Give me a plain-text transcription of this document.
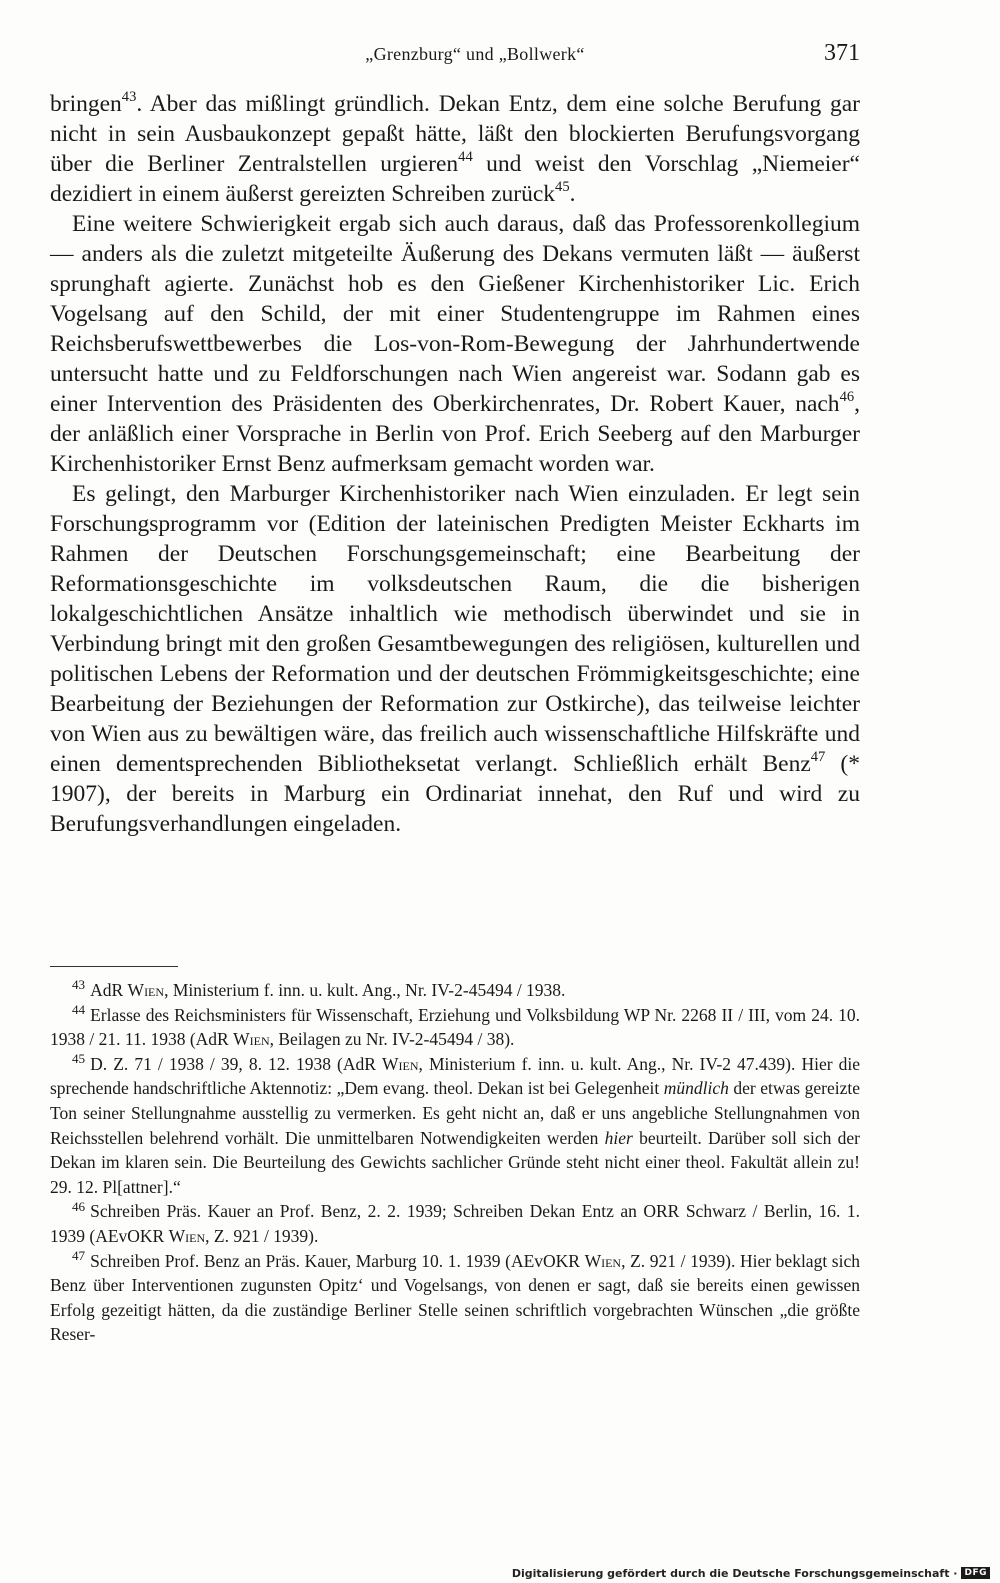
„Grenzburg“ und „Bollwerk“	371

bringen$^{43}$. Aber das mißlingt gründlich. Dekan Entz, dem eine solche Berufung gar nicht in sein Ausbaukonzept gepaßt hätte, läßt den blockierten Berufungsvorgang über die Berliner Zentralstellen urgieren$^{44}$ und weist den Vorschlag „Niemeier“ dezidiert in einem äußerst gereizten Schreiben zurück$^{45}$.

Eine weitere Schwierigkeit ergab sich auch daraus, daß das Professorenkollegium — anders als die zuletzt mitgeteilte Äußerung des Dekans vermuten läßt — äußerst sprunghaft agierte. Zunächst hob es den Gießener Kirchenhistoriker Lic. Erich Vogelsang auf den Schild, der mit einer Studentengruppe im Rahmen eines Reichsberufswettbewerbes die Los-von-Rom-Bewegung der Jahrhundertwende untersucht hatte und zu Feldforschungen nach Wien angereist war. Sodann gab es einer Intervention des Präsidenten des Oberkirchenrates, Dr. Robert Kauer, nach$^{46}$, der anläßlich einer Vorsprache in Berlin von Prof. Erich Seeberg auf den Marburger Kirchenhistoriker Ernst Benz aufmerksam gemacht worden war.

Es gelingt, den Marburger Kirchenhistoriker nach Wien einzuladen. Er legt sein Forschungsprogramm vor (Edition der lateinischen Predigten Meister Eckharts im Rahmen der Deutschen Forschungsgemeinschaft; eine Bearbeitung der Reformationsgeschichte im volksdeutschen Raum, die die bisherigen lokalgeschichtlichen Ansätze inhaltlich wie methodisch überwindet und sie in Verbindung bringt mit den großen Gesamtbewegungen des religiösen, kulturellen und politischen Lebens der Reformation und der deutschen Frömmigkeitsgeschichte; eine Bearbeitung der Beziehungen der Reformation zur Ostkirche), das teilweise leichter von Wien aus zu bewältigen wäre, das freilich auch wissenschaftliche Hilfskräfte und einen dementsprechenden Bibliotheksetat verlangt. Schließlich erhält Benz$^{47}$ (* 1907), der bereits in Marburg ein Ordinariat innehat, den Ruf und wird zu Berufungsverhandlungen eingeladen.

$^{43}$ AdR Wien, Ministerium f. inn. u. kult. Ang., Nr. IV-2-45494 / 1938.

$^{44}$ Erlasse des Reichsministers für Wissenschaft, Erziehung und Volksbildung WP Nr. 2268 II / III, vom 24. 10. 1938 / 21. 11. 1938 (AdR Wien, Beilagen zu Nr. IV-2-45494 / 38).

$^{45}$ D. Z. 71 / 1938 / 39, 8. 12. 1938 (AdR Wien, Ministerium f. inn. u. kult. Ang., Nr. IV-2 47.439). Hier die sprechende handschriftliche Aktennotiz: „Dem evang. theol. Dekan ist bei Gelegenheit mündlich der etwas gereizte Ton seiner Stellungnahme ausstellig zu vermerken. Es geht nicht an, daß er uns angebliche Stellungnahmen von Reichsstellen belehrend vorhält. Die unmittelbaren Notwendigkeiten werden hier beurteilt. Darüber soll sich der Dekan im klaren sein. Die Beurteilung des Gewichts sachlicher Gründe steht nicht einer theol. Fakultät allein zu! 29. 12. Pl[attner].“

$^{46}$ Schreiben Präs. Kauer an Prof. Benz, 2. 2. 1939; Schreiben Dekan Entz an ORR Schwarz / Berlin, 16. 1. 1939 (AEvOKR Wien, Z. 921 / 1939).

$^{47}$ Schreiben Prof. Benz an Präs. Kauer, Marburg 10. 1. 1939 (AEvOKR Wien, Z. 921 / 1939). Hier beklagt sich Benz über Interventionen zugunsten Opitz‘ und Vogelsangs, von denen er sagt, daß sie bereits einen gewissen Erfolg gezeitigt hätten, da die zuständige Berliner Stelle seinen schriftlich vorgebrachten Wünschen „die größte Reser-

Digitalisierung gefördert durch die Deutsche Forschungsgemeinschaft · DFG
